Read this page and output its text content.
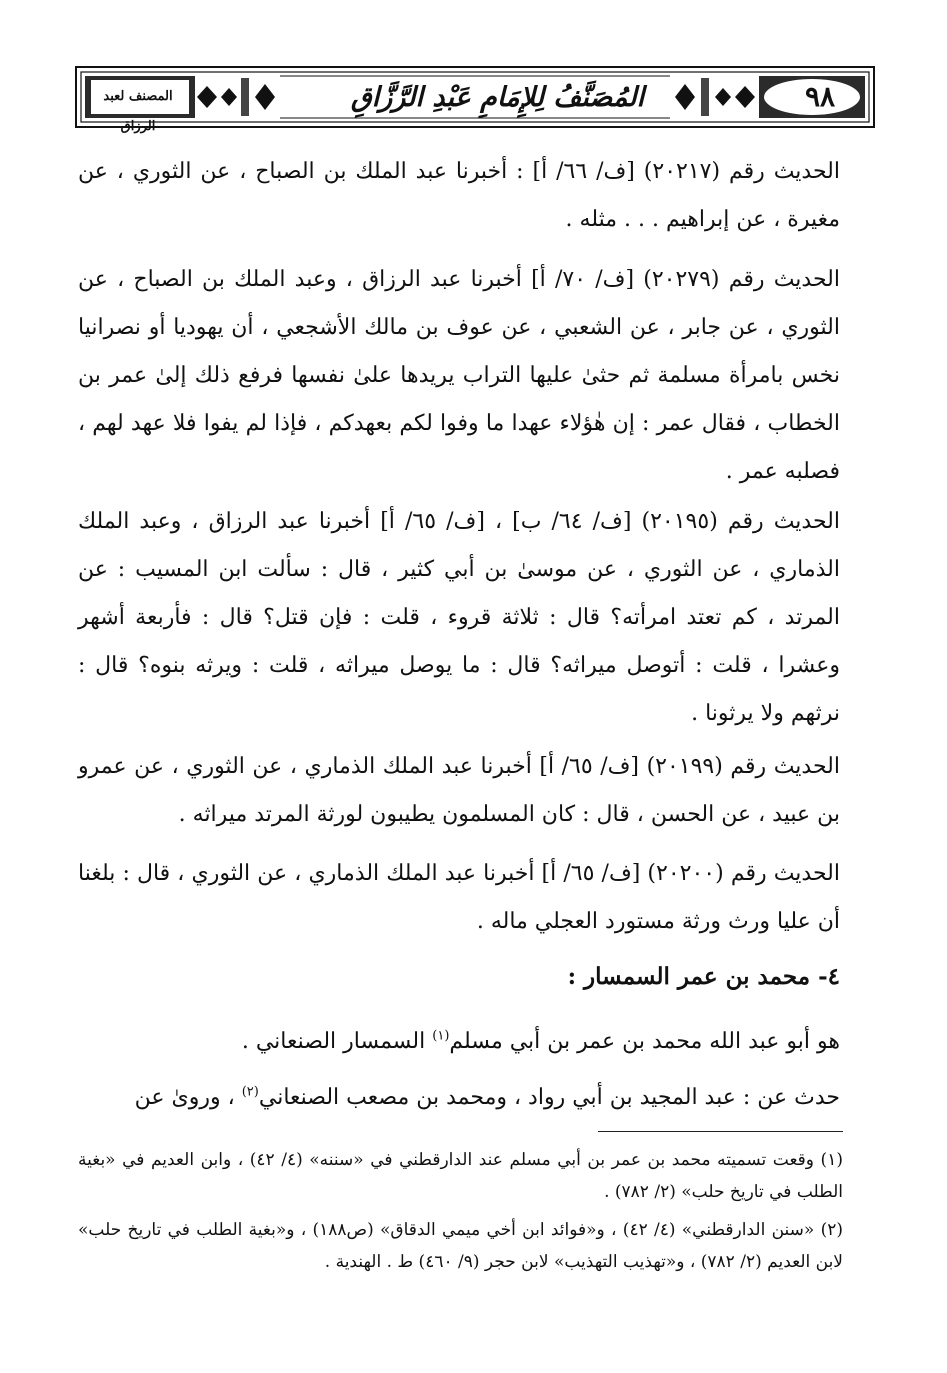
المصنف لعبد الرزاق
المُصَنَّفُ لِلإِمَامِ عَبْدِ الرَّزَّاقِ	٩٨

الحديث رقم (٢٠٢١٧) [ف/ ٦٦/ أ] : أخبرنا عبد الملك بن الصباح ، عن الثوري ، عن مغيرة ، عن إبراهيم . . . مثله .

الحديث رقم (٢٠٢٧٩) [ف/ ٧٠/ أ] أخبرنا عبد الرزاق ، وعبد الملك بن الصباح ، عن الثوري ، عن جابر ، عن الشعبي ، عن عوف بن مالك الأشجعي ، أن يهوديا أو نصرانيا نخس بامرأة مسلمة ثم حثىٰ عليها التراب يريدها علىٰ نفسها فرفع ذلك إلىٰ عمر بن الخطاب ، فقال عمر : إن هٰؤلاء عهدا ما وفوا لكم بعهدكم ، فإذا لم يفوا فلا عهد لهم ، فصلبه عمر .

الحديث رقم (٢٠١٩٥) [ف/ ٦٤/ ب] ، [ف/ ٦٥/ أ] أخبرنا عبد الرزاق ، وعبد الملك الذماري ، عن الثوري ، عن موسىٰ بن أبي كثير ، قال : سألت ابن المسيب : عن المرتد ، كم تعتد امرأته؟ قال : ثلاثة قروء ، قلت : فإن قتل؟ قال : فأربعة أشهر وعشرا ، قلت : أتوصل ميراثه؟ قال : ما يوصل ميراثه ، قلت : ويرثه بنوه؟ قال : نرثهم ولا يرثونا .

الحديث رقم (٢٠١٩٩) [ف/ ٦٥/ أ] أخبرنا عبد الملك الذماري ، عن الثوري ، عن عمرو بن عبيد ، عن الحسن ، قال : كان المسلمون يطيبون لورثة المرتد ميراثه .

الحديث رقم (٢٠٢٠٠) [ف/ ٦٥/ أ] أخبرنا عبد الملك الذماري ، عن الثوري ، قال : بلغنا أن عليا ورث ورثة مستورد العجلي ماله .

٤- محمد بن عمر السمسار :

هو أبو عبد الله محمد بن عمر بن أبي مسلم$^{(١)}$ السمسار الصنعاني .

حدث عن : عبد المجيد بن أبي رواد ، ومحمد بن مصعب الصنعاني$^{(٢)}$ ، وروىٰ عن

(١) وقعت تسميته محمد بن عمر بن أبي مسلم عند الدارقطني في «سننه» (٤/ ٤٢) ، وابن العديم في «بغية الطلب في تاريخ حلب» (٢/ ٧٨٢) .

(٢) «سنن الدارقطني» (٤/ ٤٢) ، و«فوائد ابن أخي ميمي الدقاق» (ص١٨٨) ، و«بغية الطلب في تاريخ حلب» لابن العديم (٢/ ٧٨٢) ، و«تهذيب التهذيب» لابن حجر (٩/ ٤٦٠) ط . الهندية .
